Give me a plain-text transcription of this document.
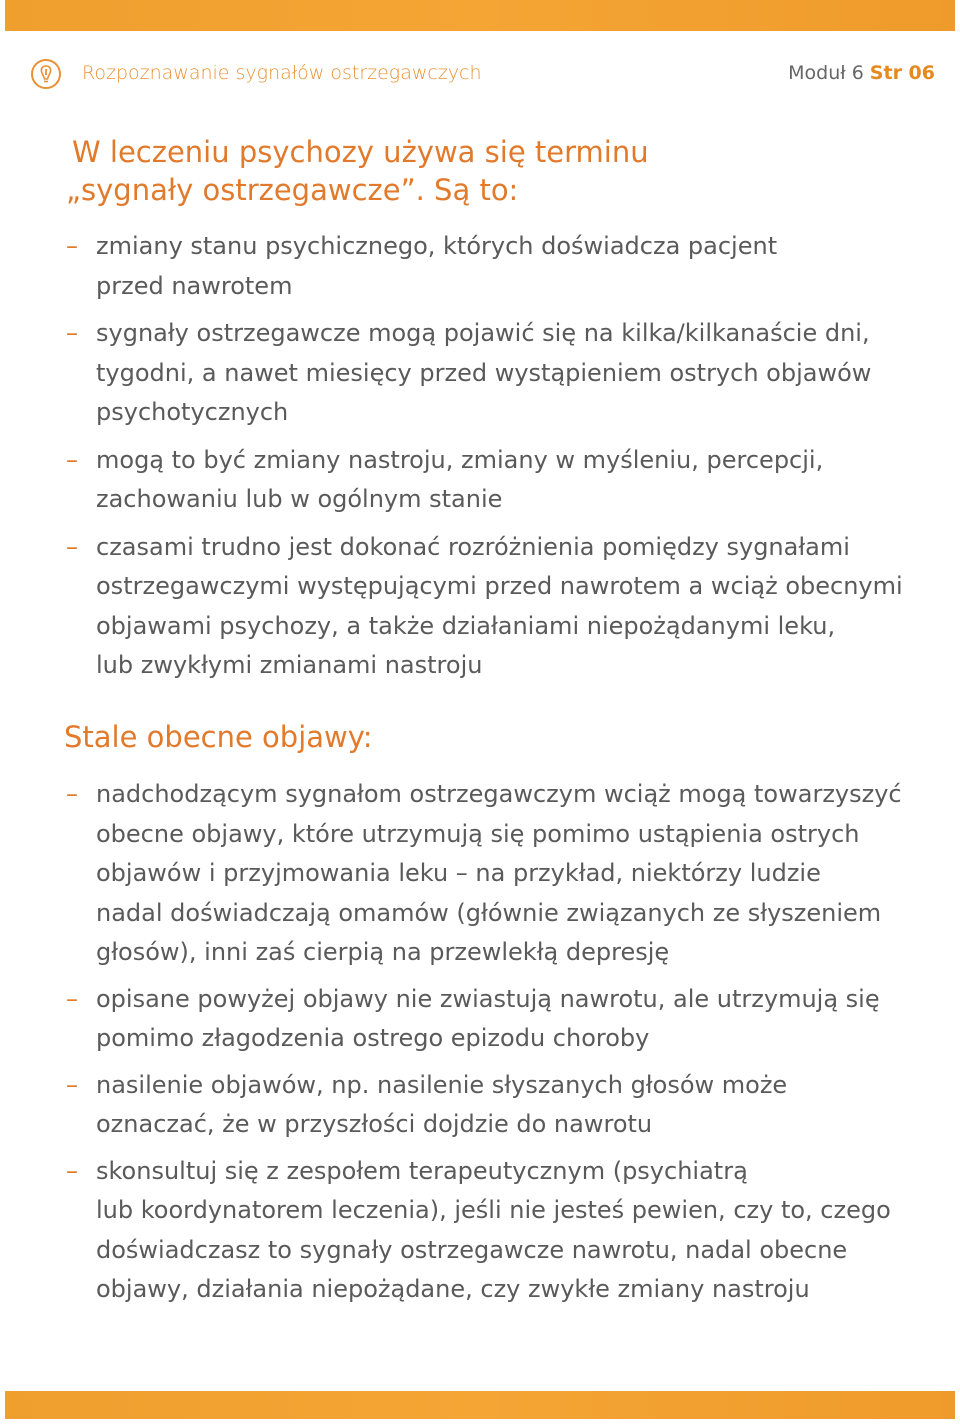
Rozpoznawanie sygnałów ostrzegawczych	Moduł 6 Str 06
W leczeniu psychozy używa się terminu
„sygnały ostrzegawcze”. Są to:
– zmiany stanu psychicznego, których doświadcza pacjent
przed nawrotem
– sygnały ostrzegawcze mogą pojawić się na kilka/kilkanaście dni,
tygodni, a nawet miesięcy przed wystąpieniem ostrych objawów
psychotycznych
– mogą to być zmiany nastroju, zmiany w myśleniu, percepcji,
zachowaniu lub w ogólnym stanie
– czasami trudno jest dokonać rozróżnienia pomiędzy sygnałami
ostrzegawczymi występującymi przed nawrotem a wciąż obecnymi
objawami psychozy, a także działaniami niepożądanymi leku,
lub zwykłymi zmianami nastroju
Stale obecne objawy:
– nadchodzącym sygnałom ostrzegawczym wciąż mogą towarzyszyć
obecne objawy, które utrzymują się pomimo ustąpienia ostrych
objawów i przyjmowania leku – na przykład, niektórzy ludzie
nadal doświadczają omamów (głównie związanych ze słyszeniem
głosów), inni zaś cierpią na przewlekłą depresję
– opisane powyżej objawy nie zwiastują nawrotu, ale utrzymują się
pomimo złagodzenia ostrego epizodu choroby
– nasilenie objawów, np. nasilenie słyszanych głosów może
oznaczać, że w przyszłości dojdzie do nawrotu
– skonsultuj się z zespołem terapeutycznym (psychiatrą
lub koordynatorem leczenia), jeśli nie jesteś pewien, czy to, czego
doświadczasz to sygnały ostrzegawcze nawrotu, nadal obecne
objawy, działania niepożądane, czy zwykłe zmiany nastroju
